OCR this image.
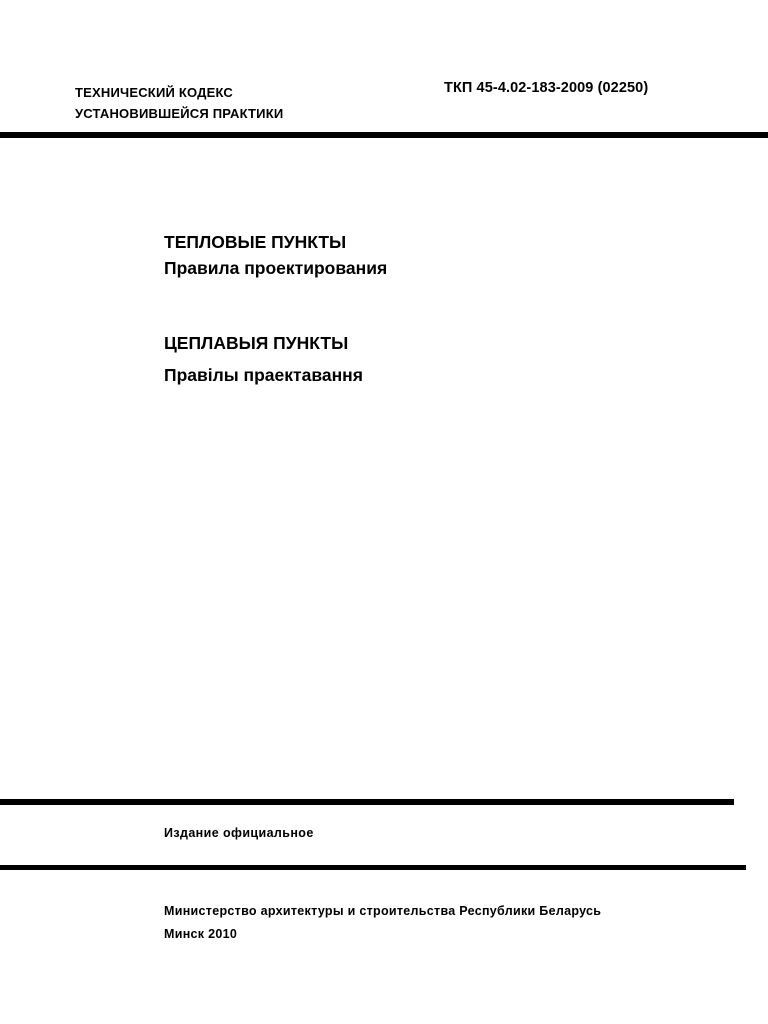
ТЕХНИЧЕСКИЙ КОДЕКС
УСТАНОВИВШЕЙСЯ ПРАКТИКИ
ТКП 45-4.02-183-2009 (02250)
ТЕПЛОВЫЕ ПУНКТЫ
Правила проектирования
ЦЕПЛАВЫЯ ПУНКТЫ
Правілы праектавання
Издание официальное
Министерство архитектуры и строительства Республики Беларусь
Минск 2010
